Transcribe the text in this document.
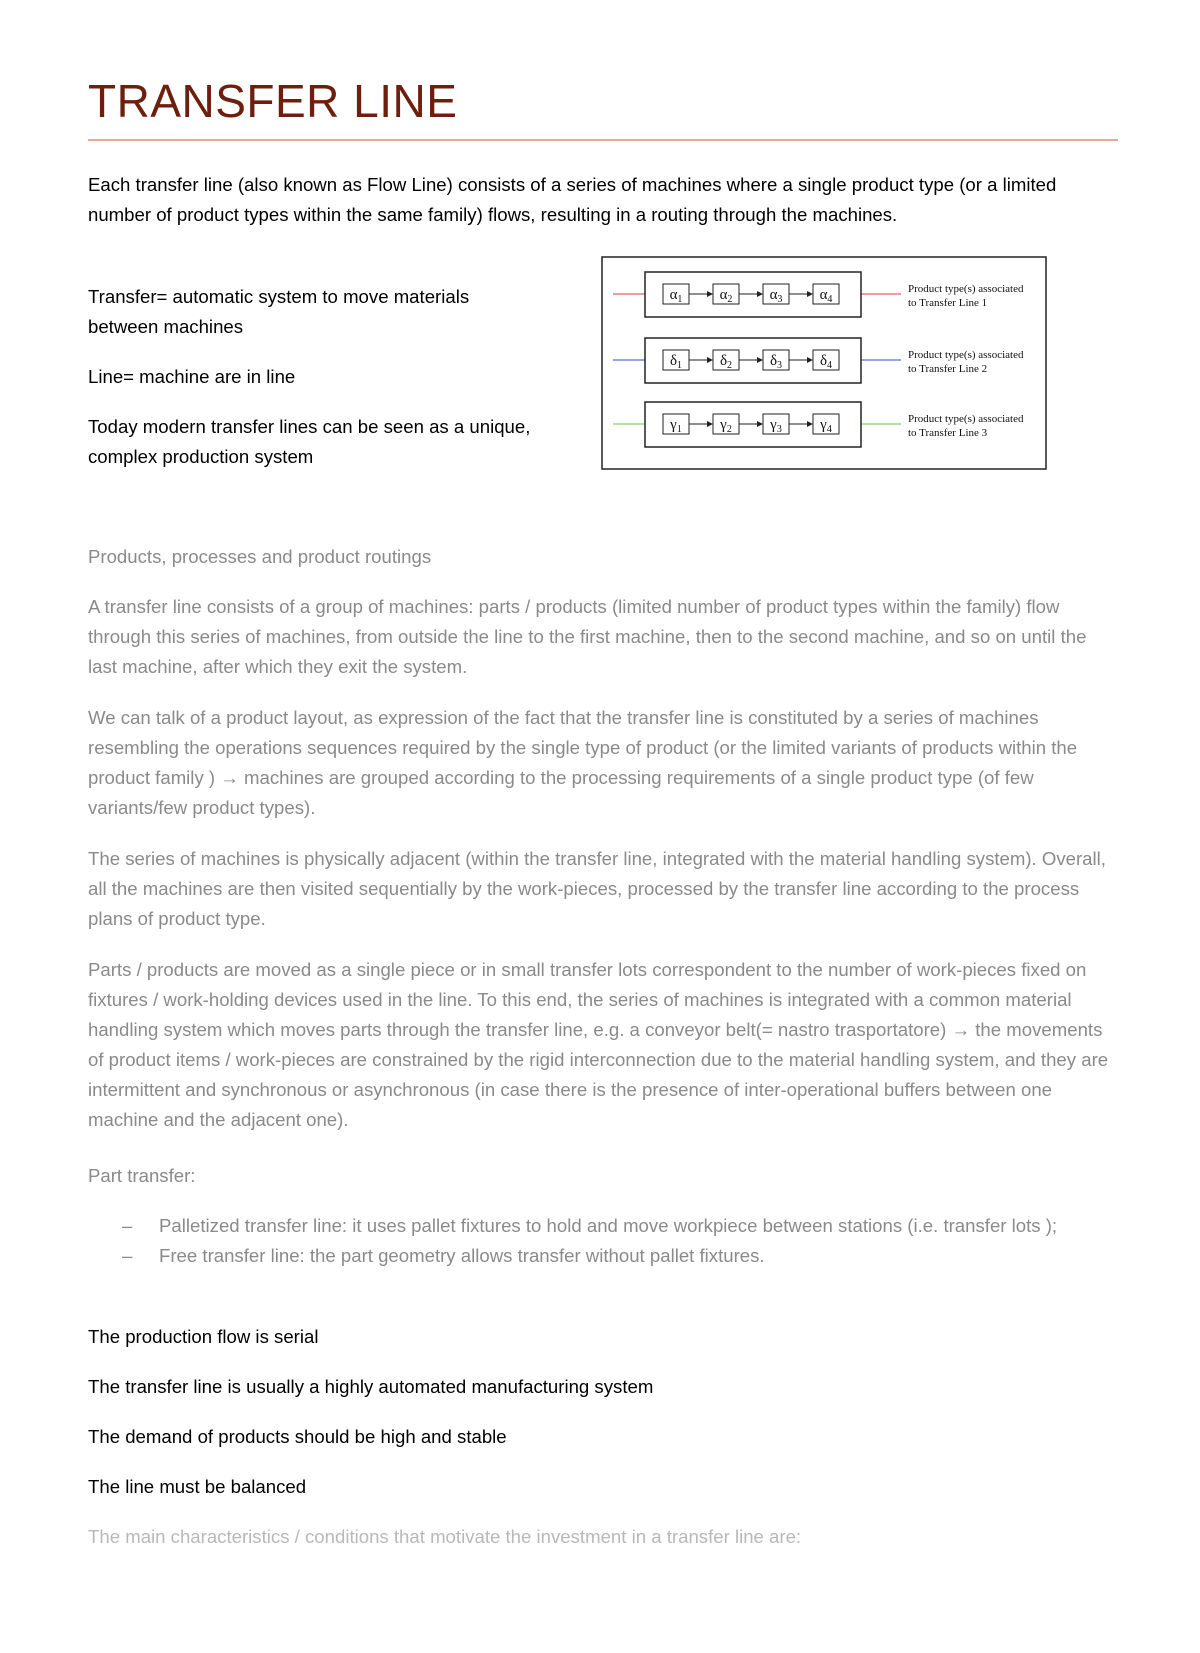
TRANSFER LINE

Each transfer line (also known as Flow Line) consists of a series of machines where a single product type (or a limited number of product types within the same family) flows, resulting in a routing through the machines.

Transfer= automatic system to move materials

between machines

Line= machine are in line

Today modern transfer lines can be seen as a unique,

complex production system

$\alpha_1$ $\alpha_2$ $\alpha_3$ $\alpha_4$
Product type(s) associated
to Transfer Line 1
$\delta_1$	$\delta_2$	$\delta_3$	$\delta_4$
Product type(s) associated
to Transfer Line 2
$\gamma_1$	$\gamma_2$	$\gamma_3$	$\gamma_4$
Product type(s) associated
to Transfer Line 3

Products, processes and product routings

A transfer line consists of a group of machines: parts / products (limited number of product types within the family) flow through this series of machines, from outside the line to the first machine, then to the second machine, and so on until the last machine, after which they exit the system.

We can talk of a product layout, as expression of the fact that the transfer line is constituted by a series of machines resembling the operations sequences required by the single type of product (or the limited variants of products within the product family ) → machines are grouped according to the processing requirements of a single product type (of few variants/few product types).

The series of machines is physically adjacent (within the transfer line, integrated with the material handling system). Overall, all the machines are then visited sequentially by the work-pieces, processed by the transfer line according to the process plans of product type.

Parts / products are moved as a single piece or in small transfer lots correspondent to the number of work-pieces fixed on fixtures / work-holding devices used in the line. To this end, the series of machines is integrated with a common material handling system which moves parts through the transfer line, e.g. a conveyor belt(= nastro trasportatore) → the movements of product items / work-pieces are constrained by the rigid interconnection due to the material handling system, and they are intermittent and synchronous or asynchronous (in case there is the presence of inter-operational buffers between one machine and the adjacent one).

Part transfer:

– Palletized transfer line: it uses pallet fixtures to hold and move workpiece between stations (i.e. transfer lots );
– Free transfer line: the part geometry allows transfer without pallet fixtures.

The production flow is serial

The transfer line is usually a highly automated manufacturing system

The demand of products should be high and stable

The line must be balanced

The main characteristics / conditions that motivate the investment in a transfer line are:
